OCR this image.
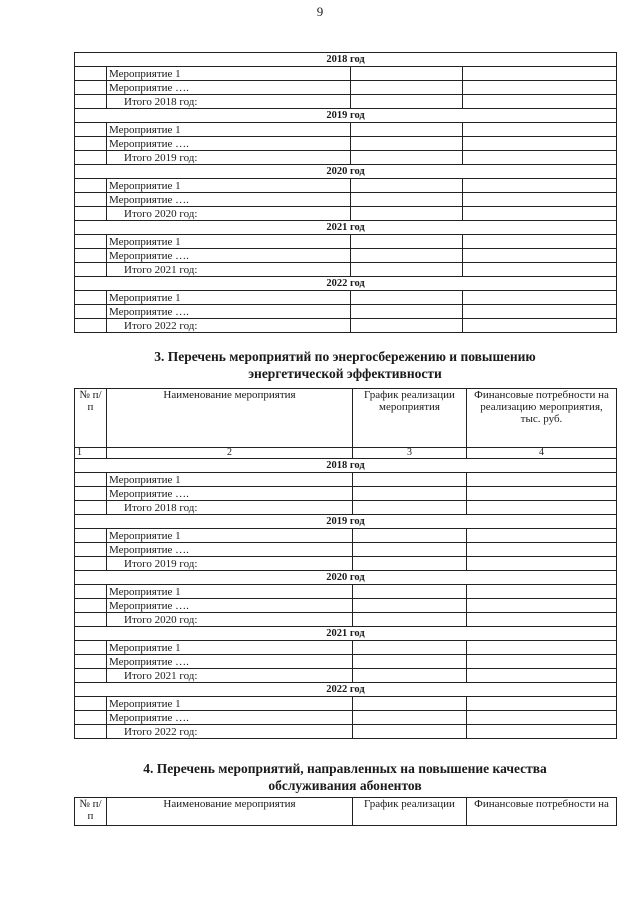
9
2018 год			
	Мероприятие 1		
	Мероприятие ….		
	Итого 2018 год:		
2019 год			
	Мероприятие 1		
	Мероприятие ….		
	Итого 2019 год:		
2020 год			
	Мероприятие 1		
	Мероприятие ….		
	Итого 2020 год:		
2021 год			
	Мероприятие 1		
	Мероприятие ….		
	Итого 2021 год:		
2022 год			
	Мероприятие 1		
	Мероприятие ….		
	Итого 2022 год:		
3. Перечень мероприятий по энергосбережению и повышению
энергетической эффективности
№ п/п	Наименование мероприятия	График реализации мероприятия	Финансовые потребности на реализацию мероприятия, тыс. руб.
1	2	3	4
2018 год			
	Мероприятие 1		
	Мероприятие ….		
	Итого 2018 год:		
2019 год			
	Мероприятие 1		
	Мероприятие ….		
	Итого 2019 год:		
2020 год			
	Мероприятие 1		
	Мероприятие ….		
	Итого 2020 год:		
2021 год			
	Мероприятие 1		
	Мероприятие ….		
	Итого 2021 год:		
2022 год			
	Мероприятие 1		
	Мероприятие ….		
	Итого 2022 год:		
4. Перечень мероприятий, направленных на повышение качества
обслуживания абонентов
№ п/п	Наименование мероприятия	График реализации	Финансовые потребности на
